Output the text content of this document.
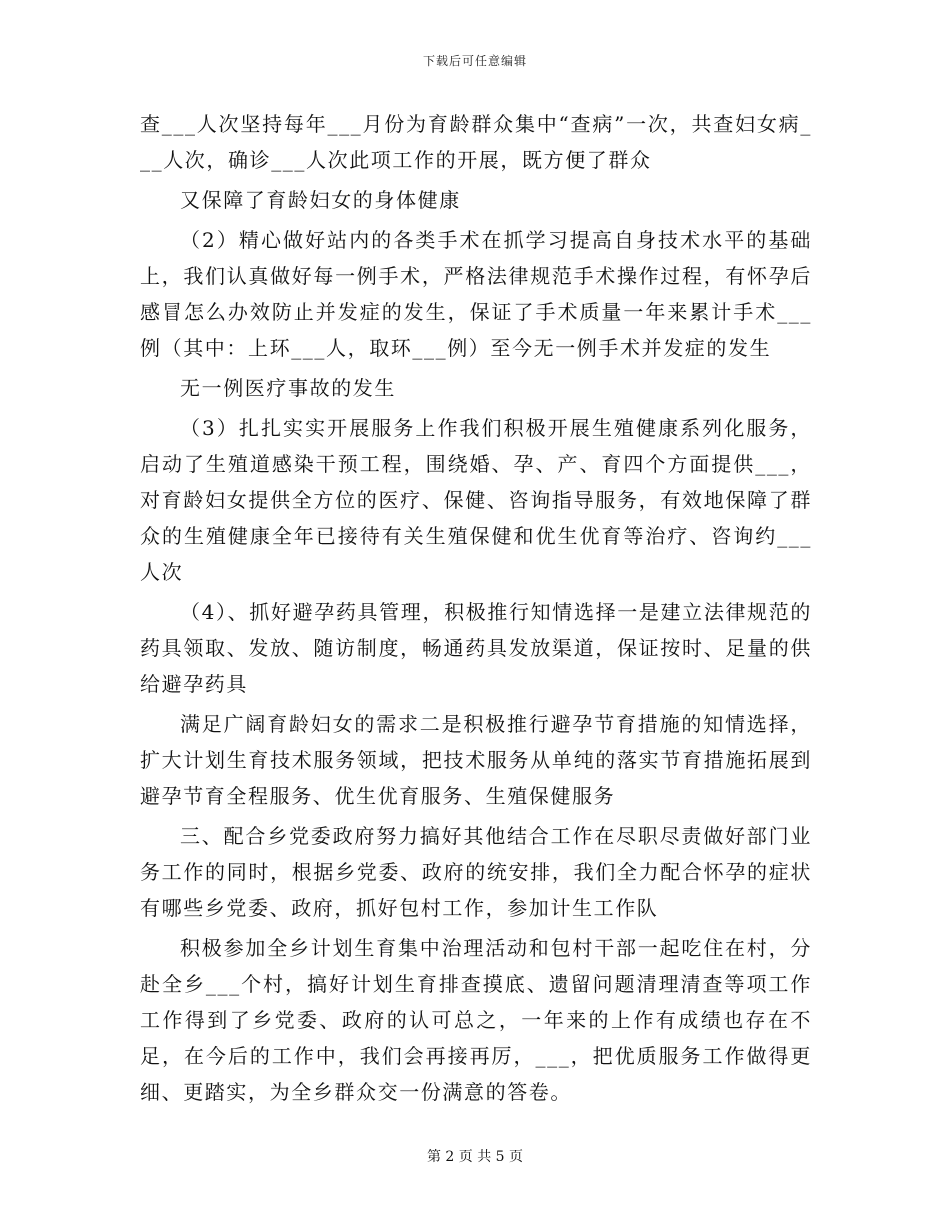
下载后可任意编辑

查___人次坚持每年___月份为育龄群众集中“查病”一次，共查妇女病___人次，确诊___人次此项工作的开展，既方便了群众

又保障了育龄妇女的身体健康

（2）精心做好站内的各类手术在抓学习提高自身技术水平的基础上，我们认真做好每一例手术，严格法律规范手术操作过程，有怀孕后感冒怎么办效防止并发症的发生，保证了手术质量一年来累计手术___例（其中：上环___人，取环___例）至今无一例手术并发症的发生

无一例医疗事故的发生

（3）扎扎实实开展服务上作我们积极开展生殖健康系列化服务，启动了生殖道感染干预工程，围绕婚、孕、产、育四个方面提供___，对育龄妇女提供全方位的医疗、保健、咨询指导服务，有效地保障了群众的生殖健康全年已接待有关生殖保健和优生优育等治疗、咨询约___人次

（4）、抓好避孕药具管理，积极推行知情选择一是建立法律规范的药具领取、发放、随访制度，畅通药具发放渠道，保证按时、足量的供给避孕药具

满足广阔育龄妇女的需求二是积极推行避孕节育措施的知情选择，扩大计划生育技术服务领域，把技术服务从单纯的落实节育措施拓展到避孕节育全程服务、优生优育服务、生殖保健服务

三、配合乡党委政府努力搞好其他结合工作在尽职尽责做好部门业务工作的同时，根据乡党委、政府的统安排，我们全力配合怀孕的症状有哪些乡党委、政府，抓好包村工作，参加计生工作队

积极参加全乡计划生育集中治理活动和包村干部一起吃住在村，分赴全乡___个村，搞好计划生育排查摸底、遗留问题清理清查等项工作工作得到了乡党委、政府的认可总之，一年来的上作有成绩也存在不足，在今后的工作中，我们会再接再厉，___，把优质服务工作做得更细、更踏实，为全乡群众交一份满意的答卷。

第 2 页 共 5 页
